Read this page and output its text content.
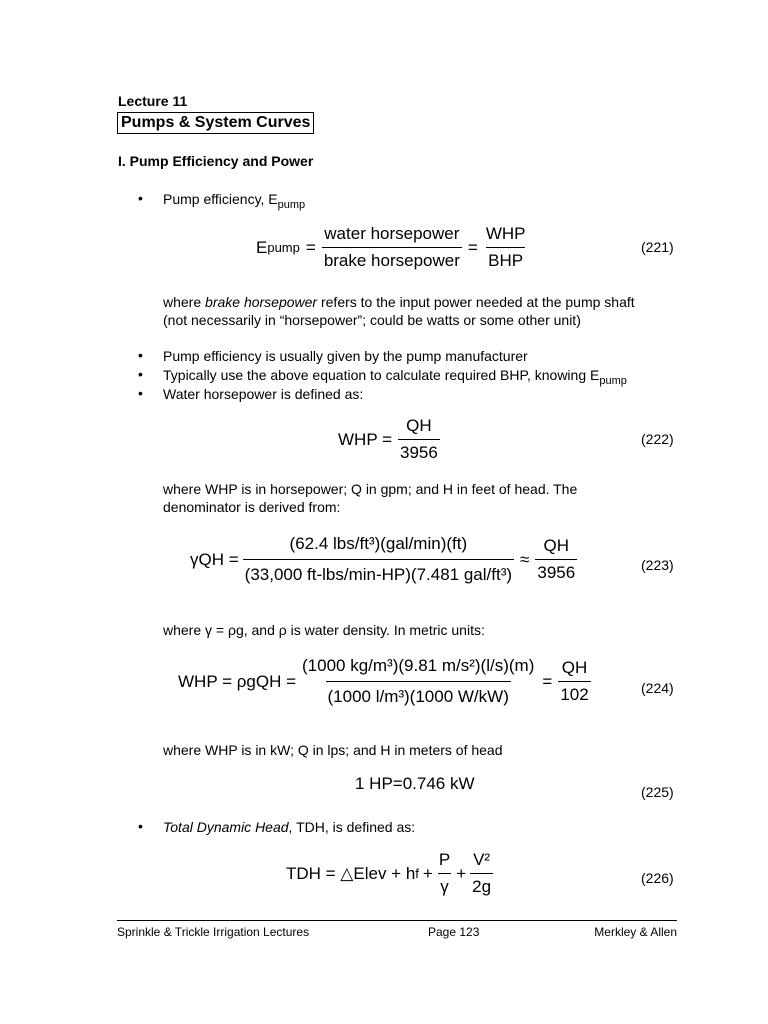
Lecture 11
Pumps & System Curves
I. Pump Efficiency and Power
• Pump efficiency, $E_{pump}$
E pump = $\frac{\text{water horsepower}}{\text{brake horsepower}} = \frac{\text{WHP}}{\text{BHP}}$	(221)
where brake horsepower refers to the input power needed at the pump shaft
(not necessarily in “horsepower”; could be watts or some other unit)
• Pump efficiency is usually given by the pump manufacturer
• Typically use the above equation to calculate required BHP, knowing $E_{pump}$
• Water horsepower is defined as:
WHP = $\frac{QH}{3956}$	(222)
where WHP is in horsepower; Q in gpm; and H in feet of head. The
denominator is derived from:
$\gamma QH = \frac{\text{(62.4 lbs/ft³)(gal/min)(ft)}}{\text{(33,000 ft-lbs/min-HP)(7.481 gal/ft³)}} \approx \frac{QH}{3956}$	(223)
where γ = ρg, and ρ is water density. In metric units:
WHP = $\rho gQH = \frac{\text{(1000 kg/m³)(9.81 m/s²)(l/s)(m)}}{\text{(1000 l/m³)(1000 W/kW)}} = \frac{QH}{102}$	(224)
where WHP is in kW; Q in lps; and H in meters of head
1 HP=0.746 kW	(225)
• Total Dynamic Head, TDH, is defined as:
TDH = △Elev + h $f + \frac{P}{\gamma} + \frac{\text{V²}}{2g}$	(226)
Sprinkle & Trickle Irrigation Lectures	Page 123	Merkley & Allen
